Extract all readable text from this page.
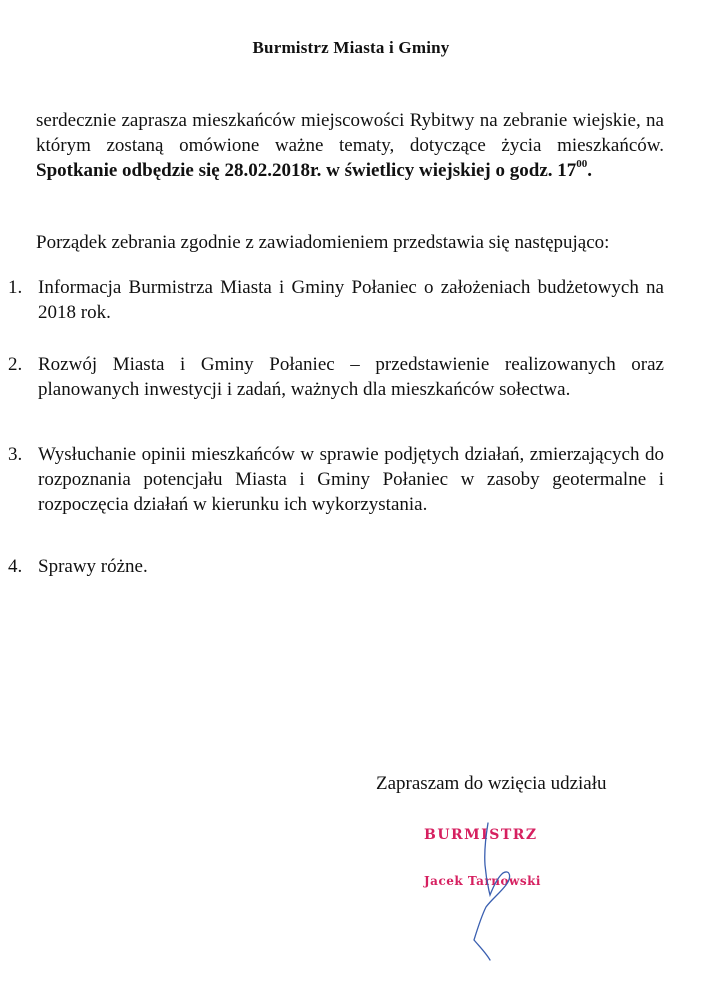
Burmistrz Miasta i Gminy
serdecznie zaprasza mieszkańców miejscowości Rybitwy na zebranie wiejskie, na którym zostaną omówione ważne tematy, dotyczące życia mieszkańców. Spotkanie odbędzie się 28.02.2018r. w świetlicy wiejskiej o godz. $17^{00}$.
Porządek zebrania zgodnie z zawiadomieniem przedstawia się następująco:
1. Informacja Burmistrza Miasta i Gminy Połaniec o założeniach budżetowych na 2018 rok.
2. Rozwój Miasta i Gminy Połaniec – przedstawienie realizowanych oraz planowanych inwestycji i zadań, ważnych dla mieszkańców sołectwa.
3. Wysłuchanie opinii mieszkańców w sprawie podjętych działań, zmierzających do rozpoznania potencjału Miasta i Gminy Połaniec w zasoby geotermalne i rozpoczęcia działań w kierunku ich wykorzystania.
4. Sprawy różne.
Zapraszam do wzięcia udziału
BURMISTRZ
Jacek Tarnowski
